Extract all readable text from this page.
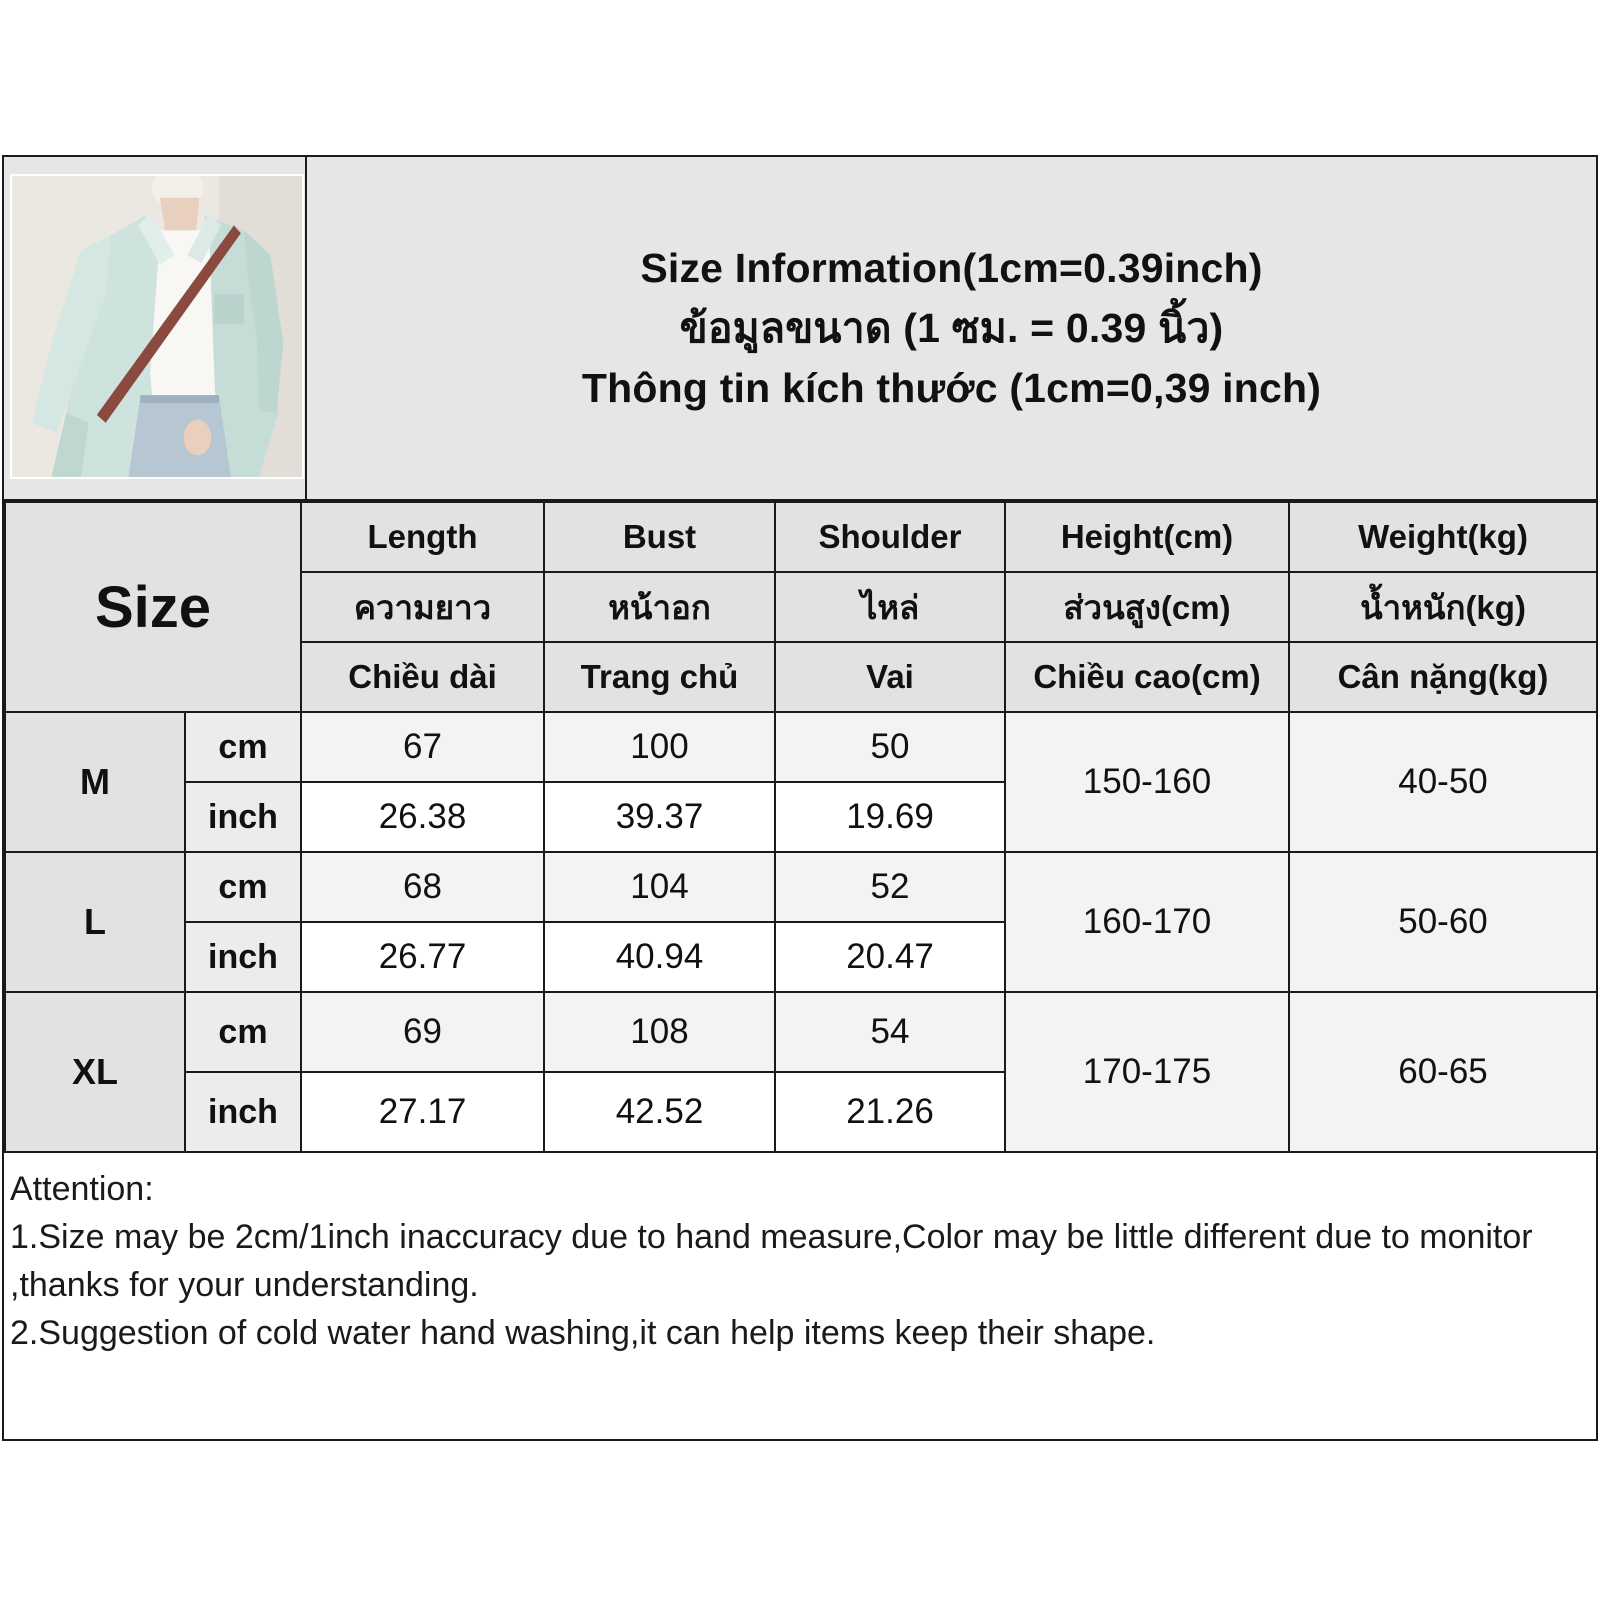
Size Information(1cm=0.39inch)
ข้อมูลขนาด (1 ซม. = 0.39 นิ้ว)
Thông tin kích thước (1cm=0,39 inch)
Size		Length	Bust	Shoulder	Height(cm)	Weight(kg)
		ความยาว	หน้าอก	ไหล่	ส่วนสูง(cm)	น้ำหนัก(kg)
		Chiều dài	Trang chủ	Vai	Chiều cao(cm)	Cân nặng(kg)
M	cm	67	100	50	150-160	40-50
	inch	26.38	39.37	19.69		
L	cm	68	104	52	160-170	50-60
	inch	26.77	40.94	20.47		
XL	cm	69	108	54	170-175	60-65
	inch	27.17	42.52	21.26		

Attention:

1.Size may be 2cm/1inch inaccuracy due to hand measure,Color may be little different due to monitor ,thanks for your understanding.

2.Suggestion of cold water hand washing,it can help items keep their shape.
